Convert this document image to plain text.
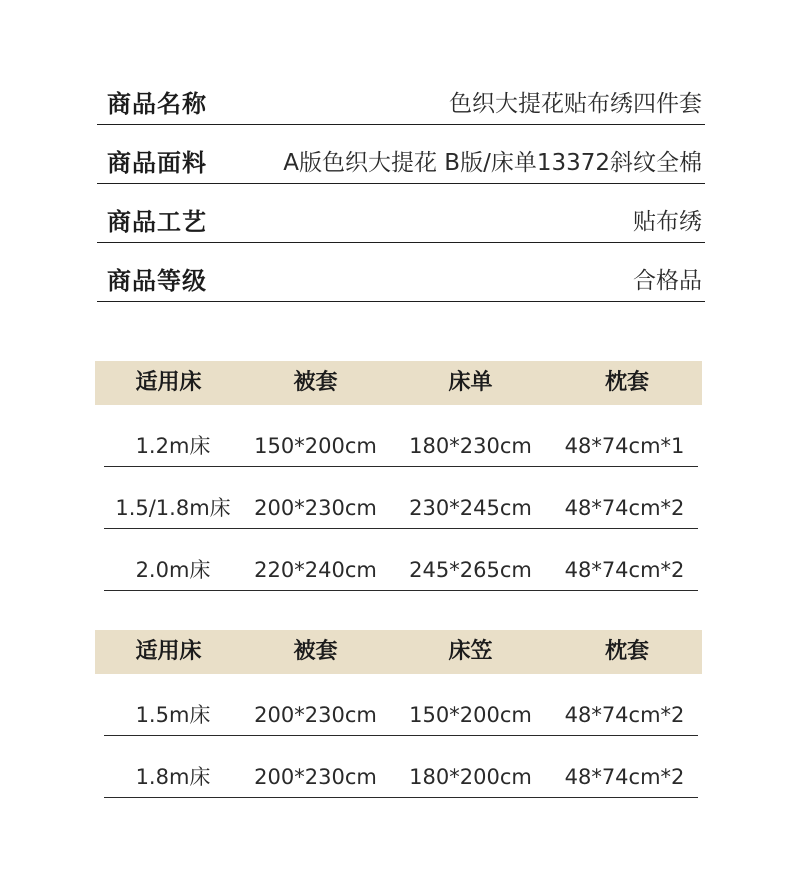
商品名称	色织大提花贴布绣四件套
商品面料	A版色织大提花 B版/床单13372斜纹全棉
商品工艺	贴布绣
商品等级	合格品
适用床	被套	床单	枕套
1.2m床	150*200cm	180*230cm	48*74cm*1
1.5/1.8m床	200*230cm	230*245cm	48*74cm*2
2.0m床	220*240cm	245*265cm	48*74cm*2
适用床	被套	床笠	枕套
1.5m床	200*230cm	150*200cm	48*74cm*2
1.8m床	200*230cm	180*200cm	48*74cm*2
